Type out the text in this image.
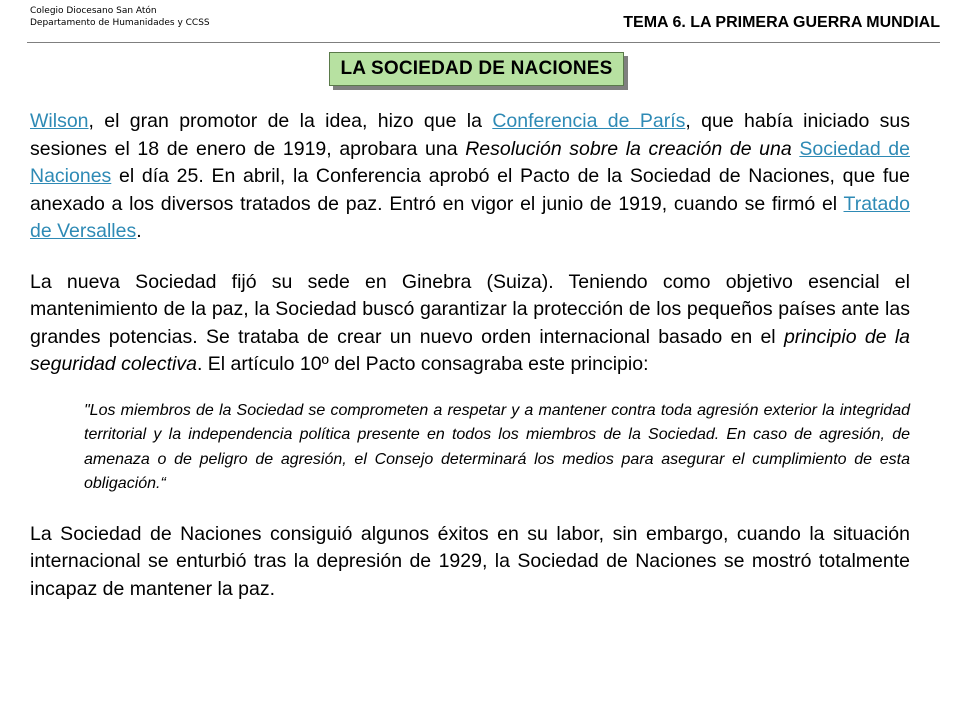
Colegio Diocesano San Atón
Departamento de Humanidades y CCSS	TEMA 6. LA PRIMERA GUERRA MUNDIAL
LA SOCIEDAD DE NACIONES

Wilson, el gran promotor de la idea, hizo que la Conferencia de París, que había iniciado sus sesiones el 18 de enero de 1919, aprobara una Resolución sobre la creación de una Sociedad de Naciones el día 25. En abril, la Conferencia aprobó el Pacto de la Sociedad de Naciones, que fue anexado a los diversos tratados de paz. Entró en vigor el junio de 1919, cuando se firmó el Tratado de Versalles.

La nueva Sociedad fijó su sede en Ginebra (Suiza). Teniendo como objetivo esencial el mantenimiento de la paz, la Sociedad buscó garantizar la protección de los pequeños países ante las grandes potencias. Se trataba de crear un nuevo orden internacional basado en el principio de la seguridad colectiva. El artículo 10º del Pacto consagraba este principio:

"Los miembros de la Sociedad se comprometen a respetar y a mantener contra toda agresión exterior la integridad territorial y la independencia política presente en todos los miembros de la Sociedad. En caso de agresión, de amenaza o de peligro de agresión, el Consejo determinará los medios para asegurar el cumplimiento de esta obligación.“

La Sociedad de Naciones consiguió algunos éxitos en su labor, sin embargo, cuando la situación internacional se enturbió tras la depresión de 1929, la Sociedad de Naciones se mostró totalmente incapaz de mantener la paz.
